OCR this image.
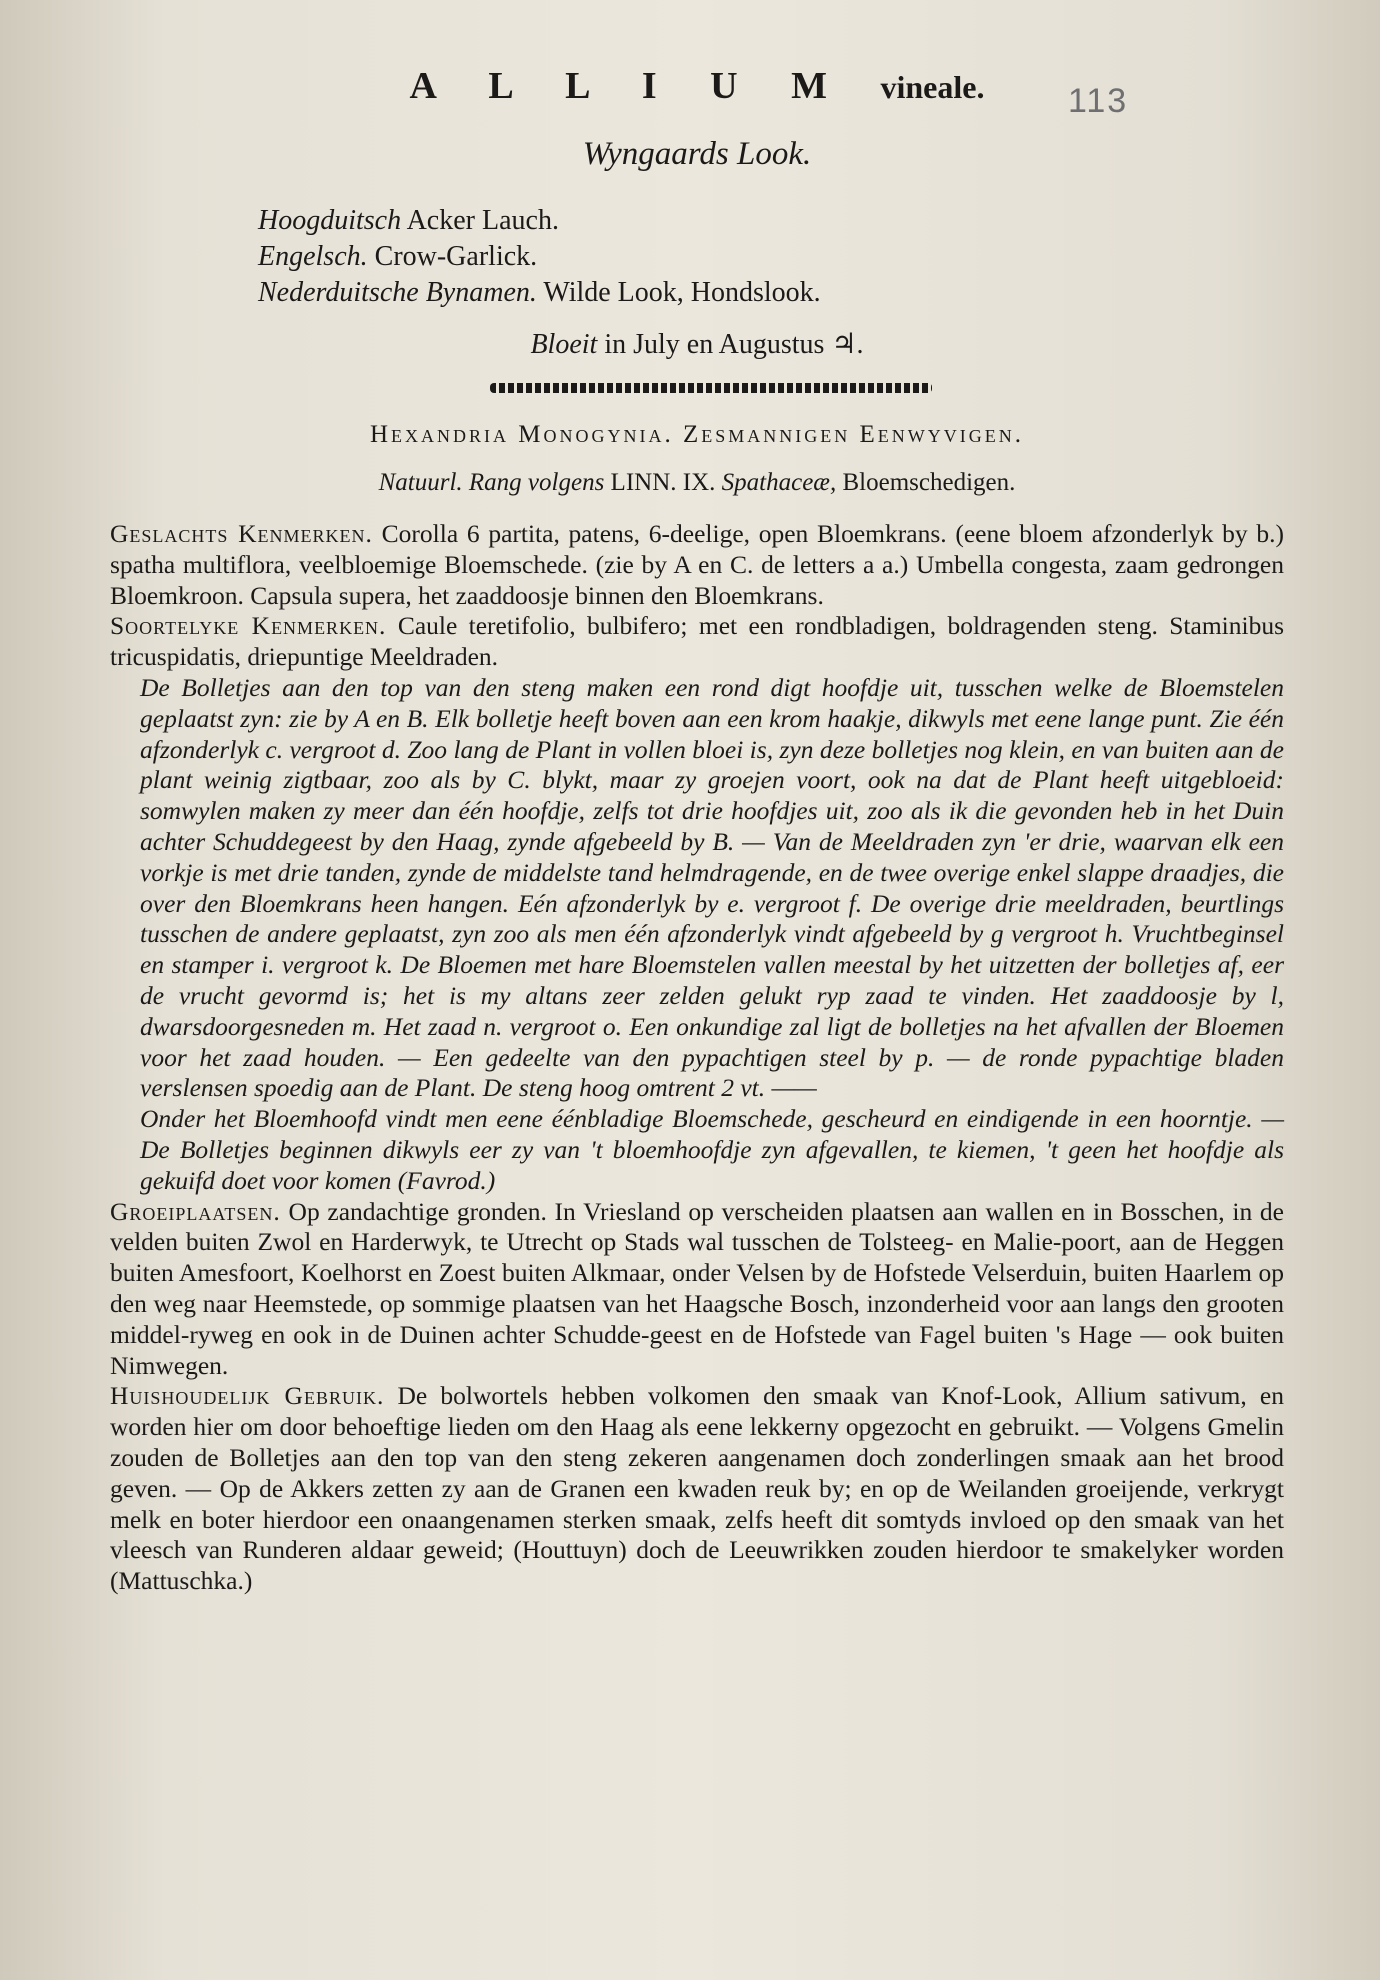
113
A L L I U M vineale.
Wyngaards Look.
Hoogduitsch Acker Lauch.
Engelsch. Crow-Garlick.
Nederduitsche Bynamen. Wilde Look, Hondslook.
Bloeit in July en Augustus ♃.
Hexandria Monogynia. Zesmannigen Eenwyvigen.
Natuurl. Rang volgens LINN. IX. Spathaceæ, Bloemschedigen.

Geslachts Kenmerken. Corolla 6 partita, patens, 6-deelige, open Bloemkrans. (eene bloem afzonderlyk by b.) spatha multiflora, veelbloemige Bloemschede. (zie by A en C. de letters a a.) Umbella congesta, zaam gedrongen Bloemkroon. Capsula supera, het zaaddoosje binnen den Bloemkrans.

Soortelyke Kenmerken. Caule teretifolio, bulbifero; met een rondbladigen, boldragenden steng. Staminibus tricuspidatis, driepuntige Meeldraden.

De Bolletjes aan den top van den steng maken een rond digt hoofdje uit, tusschen welke de Bloemstelen geplaatst zyn: zie by A en B. Elk bolletje heeft boven aan een krom haakje, dikwyls met eene lange punt. Zie één afzonderlyk c. vergroot d. Zoo lang de Plant in vollen bloei is, zyn deze bolletjes nog klein, en van buiten aan de plant weinig zigtbaar, zoo als by C. blykt, maar zy groejen voort, ook na dat de Plant heeft uitgebloeid: somwylen maken zy meer dan één hoofdje, zelfs tot drie hoofdjes uit, zoo als ik die gevonden heb in het Duin achter Schuddegeest by den Haag, zynde afgebeeld by B. — Van de Meeldraden zyn 'er drie, waarvan elk een vorkje is met drie tanden, zynde de middelste tand helmdragende, en de twee overige enkel slappe draadjes, die over den Bloemkrans heen hangen. Eén afzonderlyk by e. vergroot f. De overige drie meeldraden, beurtlings tusschen de andere geplaatst, zyn zoo als men één afzonderlyk vindt afgebeeld by g vergroot h. Vruchtbeginsel en stamper i. vergroot k. De Bloemen met hare Bloemstelen vallen meestal by het uitzetten der bolletjes af, eer de vrucht gevormd is; het is my altans zeer zelden gelukt ryp zaad te vinden. Het zaaddoosje by l, dwarsdoorgesneden m. Het zaad n. vergroot o. Een onkundige zal ligt de bolletjes na het afvallen der Bloemen voor het zaad houden. — Een gedeelte van den pypachtigen steel by p. — de ronde pypachtige bladen verslensen spoedig aan de Plant. De steng hoog omtrent 2 vt. ——

Onder het Bloemhoofd vindt men eene éénbladige Bloemschede, gescheurd en eindigende in een hoorntje. — De Bolletjes beginnen dikwyls eer zy van 't bloemhoofdje zyn afgevallen, te kiemen, 't geen het hoofdje als gekuifd doet voor komen (Favrod.)

Groeiplaatsen. Op zandachtige gronden. In Vriesland op verscheiden plaatsen aan wallen en in Bosschen, in de velden buiten Zwol en Harderwyk, te Utrecht op Stads wal tusschen de Tolsteeg- en Malie-poort, aan de Heggen buiten Amesfoort, Koelhorst en Zoest buiten Alkmaar, onder Velsen by de Hofstede Velserduin, buiten Haarlem op den weg naar Heemstede, op sommige plaatsen van het Haagsche Bosch, inzonderheid voor aan langs den grooten middel-ryweg en ook in de Duinen achter Schudde-geest en de Hofstede van Fagel buiten 's Hage — ook buiten Nimwegen.

Huishoudelijk Gebruik. De bolwortels hebben volkomen den smaak van Knof-Look, Allium sativum, en worden hier om door behoeftige lieden om den Haag als eene lekkerny opgezocht en gebruikt. — Volgens Gmelin zouden de Bolletjes aan den top van den steng zekeren aangenamen doch zonderlingen smaak aan het brood geven. — Op de Akkers zetten zy aan de Granen een kwaden reuk by; en op de Weilanden groeijende, verkrygt melk en boter hierdoor een onaangenamen sterken smaak, zelfs heeft dit somtyds invloed op den smaak van het vleesch van Runderen aldaar geweid; (Houttuyn) doch de Leeuwrikken zouden hierdoor te smakelyker worden (Mattuschka.)
